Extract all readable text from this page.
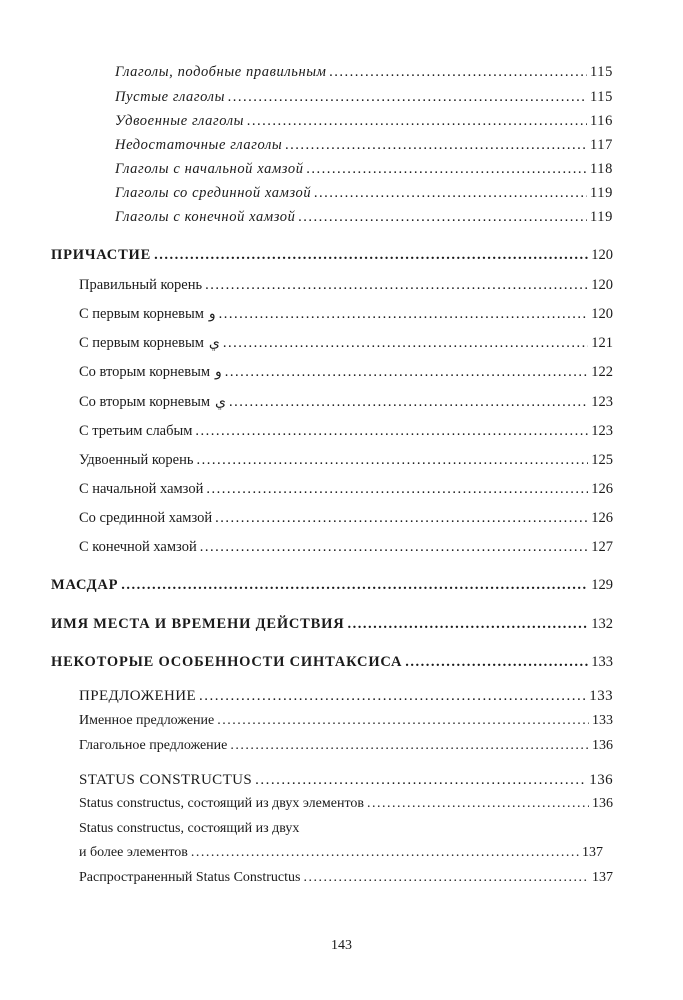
Глаголы, подобные правильным .....	115
Пустые глаголы .....	115
Удвоенные глаголы .....	116
Недостаточные глаголы .....	117
Глаголы с начальной хамзой .....	118
Глаголы со срединной хамзой .....	119
Глаголы с конечной хамзой .....	119
ПРИЧАСТИЕ .....	120
Правильный корень .....	120
С первым корневым و .....	120
С первым корневым ي .....	121
Со вторым корневым و .....	122
Со вторым корневым ي .....	123
С третьим слабым .....	123
Удвоенный корень .....	125
С начальной хамзой .....	126
Со срединной хамзой .....	126
С конечной хамзой .....	127
МАСДАР .....	129
ИМЯ МЕСТА И ВРЕМЕНИ ДЕЙСТВИЯ .....	132
НЕКОТОРЫЕ ОСОБЕННОСТИ СИНТАКСИСА .....	133
ПРЕДЛОЖЕНИЕ .....	133
Именное предложение .....	133
Глагольное предложение .....	136
STATUS CONSTRUCTUS .....	136
Status constructus, состоящий из двух элементов .....	136
Status constructus, состоящий из двух
и более элементов .....	137
Распространенный Status Constructus .....	137
143
